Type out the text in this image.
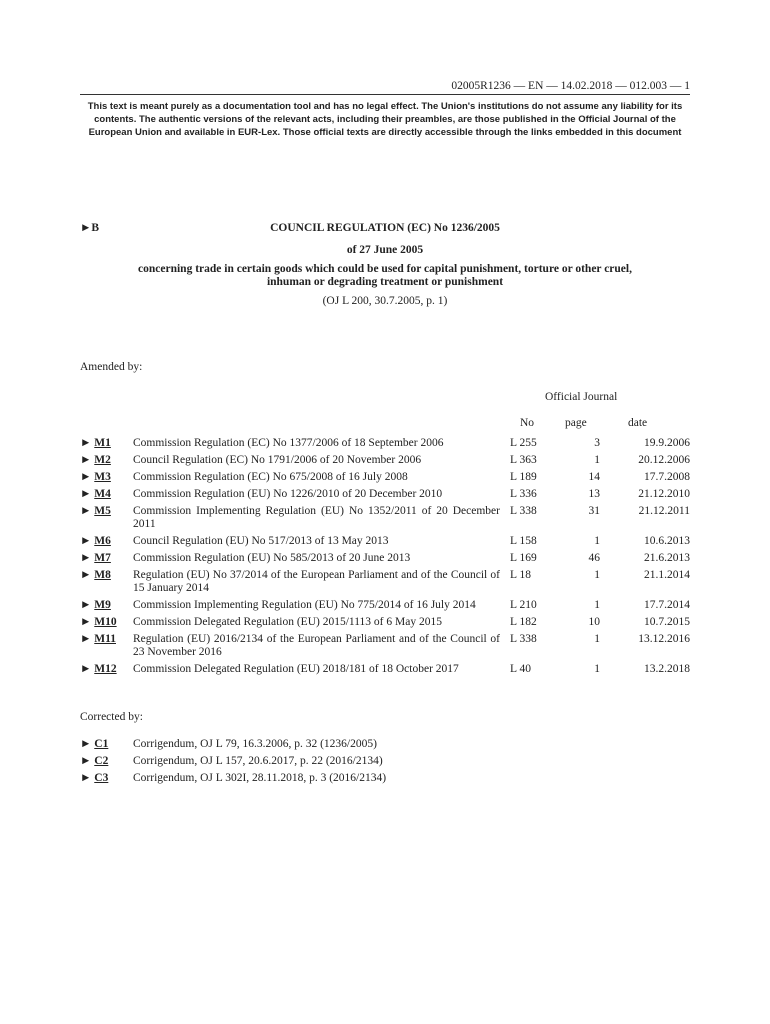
02005R1236 — EN — 14.02.2018 — 012.003 — 1
This text is meant purely as a documentation tool and has no legal effect. The Union's institutions do not assume any liability for its contents. The authentic versions of the relevant acts, including their preambles, are those published in the Official Journal of the European Union and available in EUR-Lex. Those official texts are directly accessible through the links embedded in this document
►B	COUNCIL REGULATION (EC) No 1236/2005
of 27 June 2005
concerning trade in certain goods which could be used for capital punishment, torture or other cruel, inhuman or degrading treatment or punishment
(OJ L 200, 30.7.2005, p. 1)
Amended by:
Official Journal
No	page	date
► M1	Commission Regulation (EC) No 1377/2006 of 18 September 2006	L 255	3	19.9.2006
► M2	Council Regulation (EC) No 1791/2006 of 20 November 2006	L 363	1	20.12.2006
► M3	Commission Regulation (EC) No 675/2008 of 16 July 2008	L 189	14	17.7.2008
► M4	Commission Regulation (EU) No 1226/2010 of 20 December 2010	L 336	13	21.12.2010
► M5	Commission Implementing Regulation (EU) No 1352/2011 of 20 December 2011	L 338	31	21.12.2011
► M6	Council Regulation (EU) No 517/2013 of 13 May 2013	L 158	1	10.6.2013
► M7	Commission Regulation (EU) No 585/2013 of 20 June 2013	L 169	46	21.6.2013
► M8	Regulation (EU) No 37/2014 of the European Parliament and of the Council of 15 January 2014	L 18	1	21.1.2014
► M9	Commission Implementing Regulation (EU) No 775/2014 of 16 July 2014	L 210	1	17.7.2014
► M10	Commission Delegated Regulation (EU) 2015/1113 of 6 May 2015	L 182	10	10.7.2015
► M11	Regulation (EU) 2016/2134 of the European Parliament and of the Council of 23 November 2016	L 338	1	13.12.2016
► M12	Commission Delegated Regulation (EU) 2018/181 of 18 October 2017	L 40	1	13.2.2018
Corrected by:
► C1 Corrigendum, OJ L 79, 16.3.2006, p. 32 (1236/2005)
► C2 Corrigendum, OJ L 157, 20.6.2017, p. 22 (2016/2134)
► C3 Corrigendum, OJ L 302I, 28.11.2018, p. 3 (2016/2134)
